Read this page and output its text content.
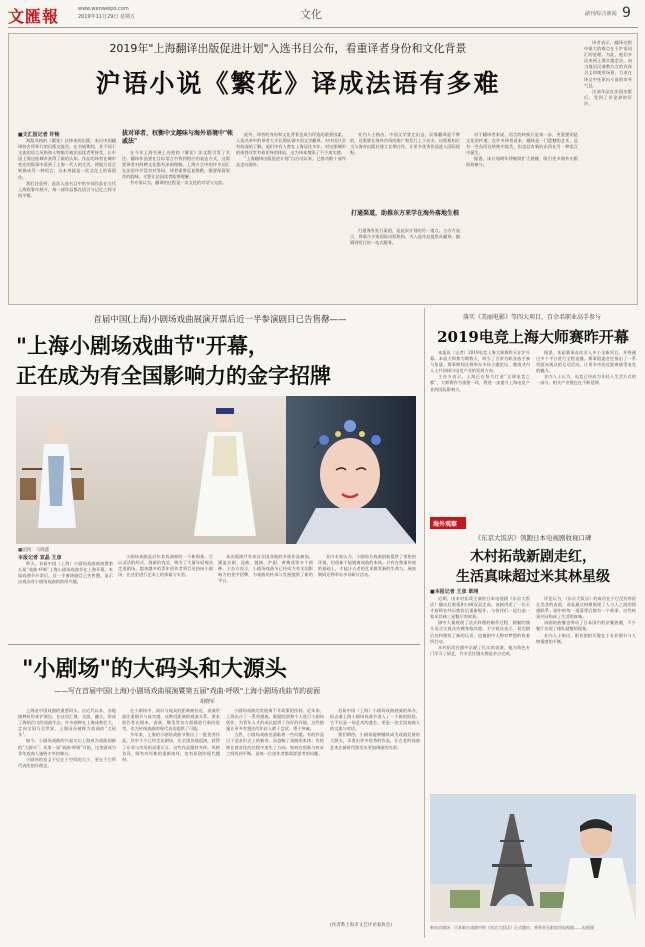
文匯報	www.wenweipo.com
2019年11月29日 星期五	文化	副刊/综合新闻 9
2019年"上海翻译出版促进计划"入选书目公布，看重译者身份和文化背景
沪语小说《繁花》译成法语有多难
■文汇报记者 许畅

海派风格的《繁花》法译本的出版，来自中国翻译协会所举行的出版交流会。在书展期间，其不同于主流的语言风格和人物描写被法国读者所接受，让中国上海这座城市获得了新的认知。作品的译者在城市变迁的叙事中看到了上海一代人的生活，将地方语言转换成另一种语言，这本身就是一次文化上的再创作。

我们注意到，此次入选书目中的多部作品在当代上海叙事中展开，每一部作品都在语言与记忆之间寻找平衡。

拔对译者，权衡中文趣味与海外语境中"帐戚法"

在今年上海书展上亮相的《繁花》法文版引发了关注。翻译作品要在目标语言中找到相应的表达方式，这需要译者对两种文化都有深刻理解。上海方言中的许多词汇在法语中并没有对等词，译者需要反复斟酌，既要保留原作的韵味，又要让法国读者能够理解。

有专家认为，翻译的过程是一次文化的对话与交流。

此外，译者的身份和文化背景也成为评选的重要因素。入选名单中的译者大多长期从事中国文学翻译，对中国社会有较深的了解。他们中有人曾在上海居住多年，对这座城市的街巷弄堂有着切身的体验，这为译本增添了不少真实感。

“上海翻译出版促进计划”自启动以来，已推动数十部作品走向海外。

业内人士指出，中国文学要走出去，仅靠翻译是不够的，还需要在海外市场的推广和发行上下功夫。出版机构应当与海外出版社建立长期合作，让更多优秀作品进入国际视野。

打通渠道，助推东方来学在海外落地生根

打通海外发行渠道，是此次计划的另一重点。主办方表示，将联合多家国际出版机构，为入选作品提供从翻译、编辑到发行的一站式服务。

对于翻译者来说，语言的转换只是第一步，更重要的是文化的传递。在许多译者看来，翻译是一门遗憾的艺术，总有一些东西在转换中流失，但也总有新的东西在另一种语言中诞生。

据悉，该计划明年将继续扩大规模，吸引更多海外出版机构参与。

译者表示，翻译过程中最大的难点在于沪语词汇的处理。为此，他们多次来到上海实地走访，向当地居民请教方言的具体含义和使用场景，力求在译文中还原出小说的市井气息。

这部作品在法国出版后，受到了评论界的好评。

首届中国(上海)小剧场戏曲展演开票后近一半参演剧目已告售罄——
"上海小剧场戏曲节"开幕，
正在成为有全国影响力的金字招牌
■剧照：马晓鑫
本报记者 宣晶 王彦

昨天，首届中国（上海）小剧场戏曲展演暨第五届“戏曲·呼吸”上海小剧场戏曲节在上海开幕。本届戏曲节开票后，近一半参演剧目已告售罄，显示出观众对小剧场戏曲的浓厚兴趣。

小剧场戏曲是近年来戏曲界的一个新现象。它以灵活的形式、创新的表达，吸引了大量年轻观众走进剧场。越来越多的青年创作者将目光投向小剧场，在这里进行艺术上的探索与实验。

本次展演共有来自全国各地的多部作品参加，涵盖京剧、昆曲、越剧、沪剧、黄梅戏等多个剧种。主办方表示，小剧场戏曲节已经成为有全国影响力的金字招牌，为戏曲的传承与发展提供了新的平台。

业内专家认为，小剧场为戏曲创新提供了宽松的环境，但创新不能脱离戏曲的本体。只有在尊重传统的基础上，才能让古老的艺术焕发新的生命力。展演期间还将举办多场研讨活动。

落实《美丽电影》等四大项目，百余名职业高手参与
2019电竞上海大师赛昨开幕

本报讯（记者）2019电竞上海大师赛昨天在沪开幕。本届大师赛为期数天，吸引了百余名职业选手参与角逐。赛事期间还将举办多场主题论坛，邀请业内人士共同探讨电竞产业的发展方向。

主办方表示，上海正在努力打造“全球电竞之都”，大师赛作为重要一环，将进一步提升上海电竞产业的国际影响力。

据悉，本届赛事首次引入多个全新项目，并将通过多个平台进行全程直播。赛事组委会还推出了一系列面向观众的互动活动，让更多市民近距离感受电竞的魅力。

业内人士认为，电竞已经成为年轻人生活方式的一部分，相关产业链也在不断延伸。

海外观察
《东京大饭店》领跑日本电视剧收视口碑
木村拓哉新剧走红，
生活真味超过米其林星级
■本报记者 王彦 章翊

近期，由木村拓哉主演的日本电视剧《东京大饭店》播出后收视和口碑双双走高。该剧讲述了一位天才厨师在经历挫折后重新振作，与伙伴们一起打造一家米其林三星餐厅的故事。

剧中大量展现了法式料理的制作过程，细腻的镜头语言让观众仿佛身临其境。不少观众表示，看完剧后对料理有了新的认识，也被剧中人物对梦想的执着所打动。

木村拓哉在剧中贡献了扎实的表演，他为角色专门学习了厨艺，许多烹饪镜头都是亲自完成。

评论认为，《东京大饭店》的成功在于它没有停留在美食的表面，而是通过料理展现了人与人之间的情感联系。剧中的每一道菜背后都有一个故事，这些故事共同构成了生活的真味。

该剧的热播也带动了日本国内的法餐热潮，不少餐厅出现了排队就餐的现象。

业内人士指出，职业剧的关键在于专业细节与人物情感的平衡。

新东京剧场：日本新吉戏剧中的《东京大饭店》正式播出，将带来无限收回电视剧——电视剧
"小剧场"的大码头和大源头
——写在首届中国(上海)小剧场戏曲展演暨第五届"戏曲·呼吸"上海小剧场戏曲节的前面
胡晓军

上海是中国戏曲的重要码头。自近代以来，各地剧种纷纷来沪演出，在这里汇聚、交流、融合，形成了海纳百川的戏曲生态。许多剧种在上海成熟壮大，走向全国乃至世界，上海因而被称为戏曲的“大码头”。

如今，小剧场戏曲的兴起又让上海成为戏曲创新的“大源头”。从第一届“戏曲·呼吸”开始，这里就成为青年戏曲人施展才华的舞台。

小剧场的意义不仅在于空间的大小，更在于它所代表的创作理念。

在小剧场中，演员与观众的距离被拉近，表演更加注重细节与真实感。这种近距离的观演关系，要求创作者在剧本、表演、舞美等各方面都进行新的思考，也为传统戏曲的现代表达提供了可能。

多年来，上海的小剧场戏曲节推出了一批优秀作品，其中不少已经走出剧场，在全国各地巡演，获得了专业与市场的双重认可。这些作品题材多样，风格各异，既有对经典的重新演绎，也有原创的现代题材。

小剧场戏曲的发展离不开政策的扶持。近年来，上海出台了一系列措施，鼓励院团和个人进行小剧场创作，为青年人才的成长提供了良好的环境。这些措施让更多有想法的年轻人敢于尝试、勇于突破。

当然，小剧场戏曲也面临着一些问题。有的作品过于追求形式上的新奇，而忽略了戏曲的本体；有的则在商业化的过程中迷失了方向。如何在创新与传承之间找到平衡，是每一位创作者都需要思考的问题。

首届中国（上海）小剧场戏曲展演的举办，标志着上海小剧场戏曲节进入了一个新的阶段。它不仅是一场艺术的盛会，更是一次全国戏曲人的交流与对话。

我们期待，小剧场能够继续成为戏曲发展的大源头，孕育出更多优秀的作品，让古老的戏曲艺术在新时代焕发出更加绚丽的光彩。

(作者系上海市文艺评论家协会)
